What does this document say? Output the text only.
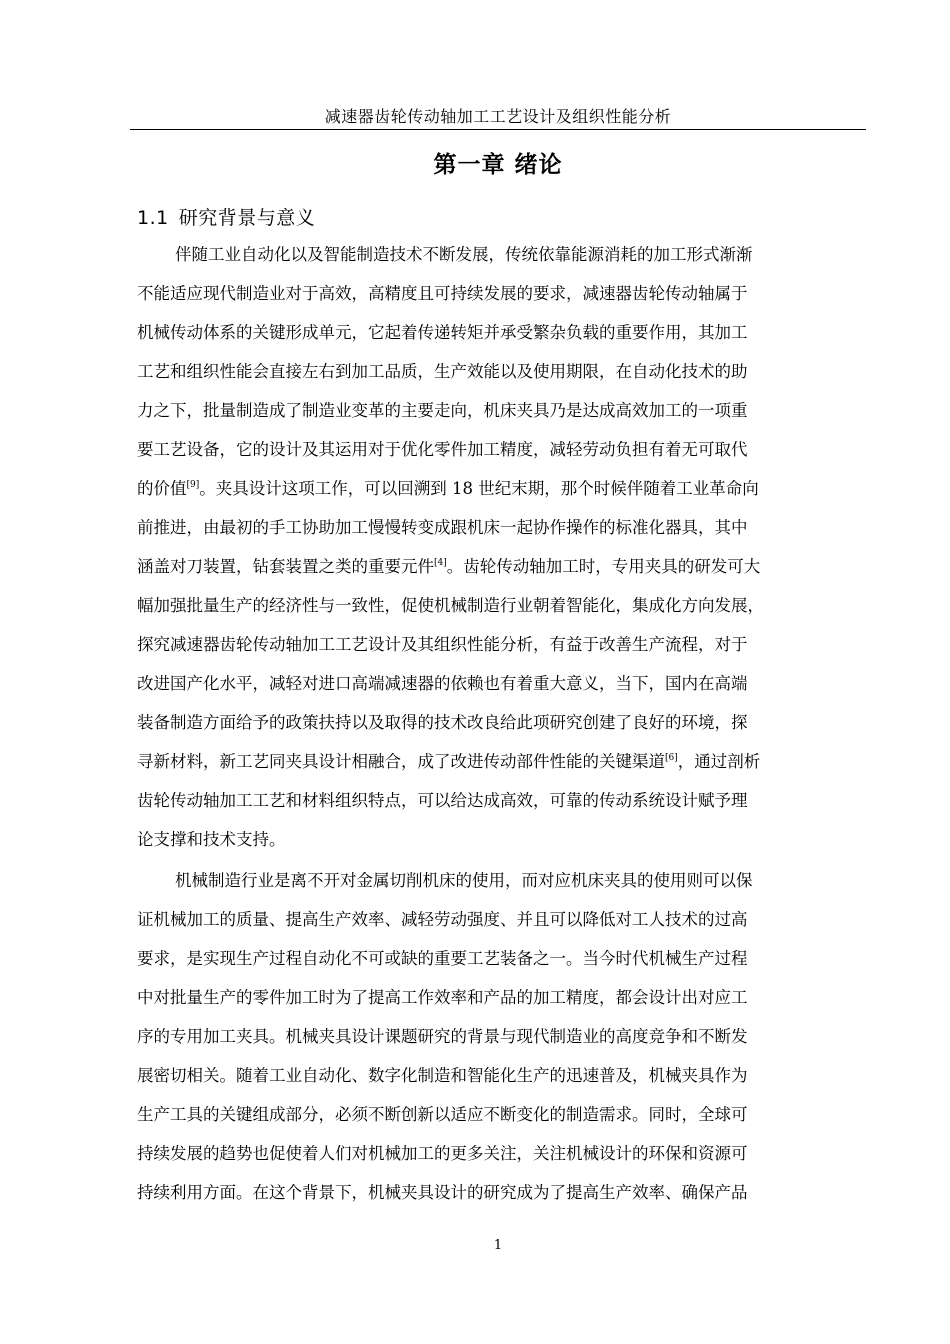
减速器齿轮传动轴加工工艺设计及组织性能分析
第一章 绪论
1.1 研究背景与意义
伴随工业自动化以及智能制造技术不断发展，传统依靠能源消耗的加工形式渐渐
不能适应现代制造业对于高效，高精度且可持续发展的要求，减速器齿轮传动轴属于
机械传动体系的关键形成单元，它起着传递转矩并承受繁杂负载的重要作用，其加工
工艺和组织性能会直接左右到加工品质，生产效能以及使用期限，在自动化技术的助
力之下，批量制造成了制造业变革的主要走向，机床夹具乃是达成高效加工的一项重
要工艺设备，它的设计及其运用对于优化零件加工精度，减轻劳动负担有着无可取代
的价值[9]。夹具设计这项工作，可以回溯到 18 世纪末期，那个时候伴随着工业革命向
前推进，由最初的手工协助加工慢慢转变成跟机床一起协作操作的标准化器具，其中
涵盖对刀装置，钻套装置之类的重要元件[4]。齿轮传动轴加工时，专用夹具的研发可大
幅加强批量生产的经济性与一致性，促使机械制造行业朝着智能化，集成化方向发展，
探究减速器齿轮传动轴加工工艺设计及其组织性能分析，有益于改善生产流程，对于
改进国产化水平，减轻对进口高端减速器的依赖也有着重大意义，当下，国内在高端
装备制造方面给予的政策扶持以及取得的技术改良给此项研究创建了良好的环境，探
寻新材料，新工艺同夹具设计相融合，成了改进传动部件性能的关键渠道[6]，通过剖析
齿轮传动轴加工工艺和材料组织特点，可以给达成高效，可靠的传动系统设计赋予理
论支撑和技术支持。
机械制造行业是离不开对金属切削机床的使用，而对应机床夹具的使用则可以保
证机械加工的质量、提高生产效率、减轻劳动强度、并且可以降低对工人技术的过高
要求，是实现生产过程自动化不可或缺的重要工艺装备之一。当今时代机械生产过程
中对批量生产的零件加工时为了提高工作效率和产品的加工精度，都会设计出对应工
序的专用加工夹具。机械夹具设计课题研究的背景与现代制造业的高度竞争和不断发
展密切相关。随着工业自动化、数字化制造和智能化生产的迅速普及，机械夹具作为
生产工具的关键组成部分，必须不断创新以适应不断变化的制造需求。同时，全球可
持续发展的趋势也促使着人们对机械加工的更多关注，关注机械设计的环保和资源可
持续利用方面。在这个背景下，机械夹具设计的研究成为了提高生产效率、确保产品
1
